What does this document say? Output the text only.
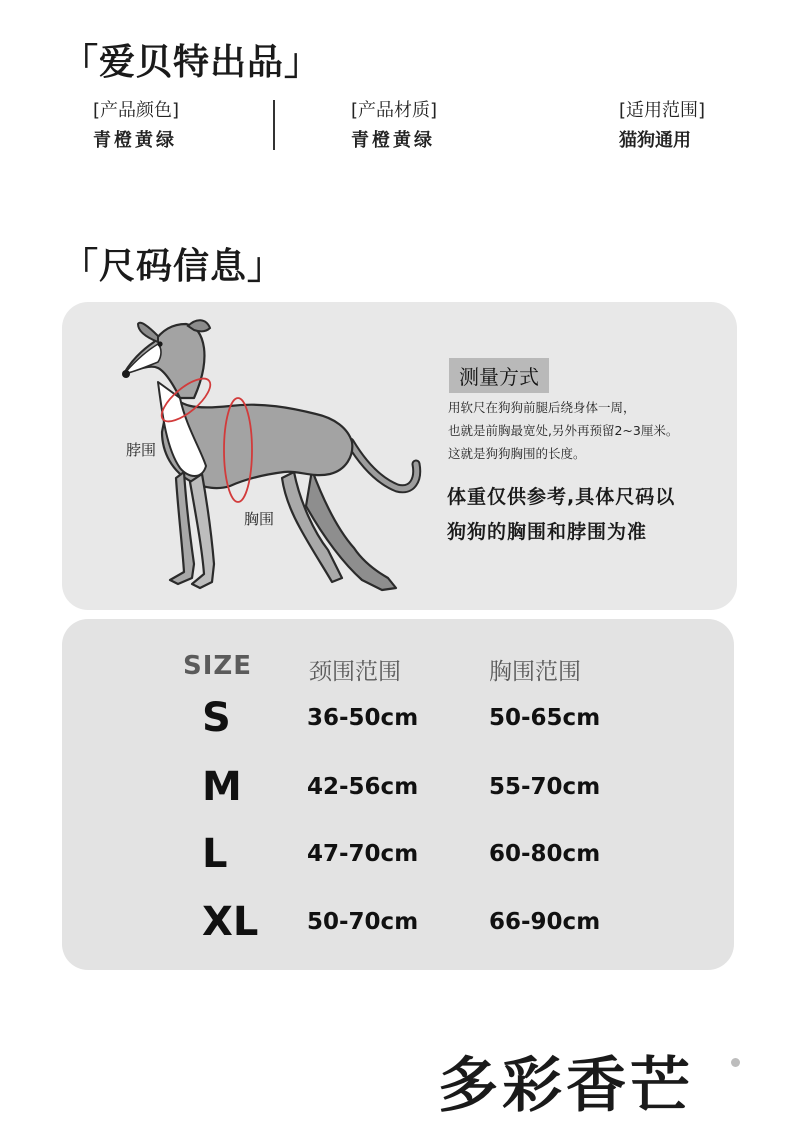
「爱贝特出品」
[产品颜色]
青橙黄绿
[产品材质]
青橙黄绿
[适用范围]
猫狗通用
「尺码信息」
脖围
胸围
测量方式
用软尺在狗狗前腿后绕身体一周，
也就是前胸最宽处,另外再预留2~3厘米。
这就是狗狗胸围的长度。
体重仅供参考,具体尺码以
狗狗的胸围和脖围为准
SIZE 颈围范围	胸围范围
S	36-50cm	50-65cm
M	42-56cm	55-70cm
L	47-70cm	60-80cm
XL 50-70cm	66-90cm
多彩香芒
